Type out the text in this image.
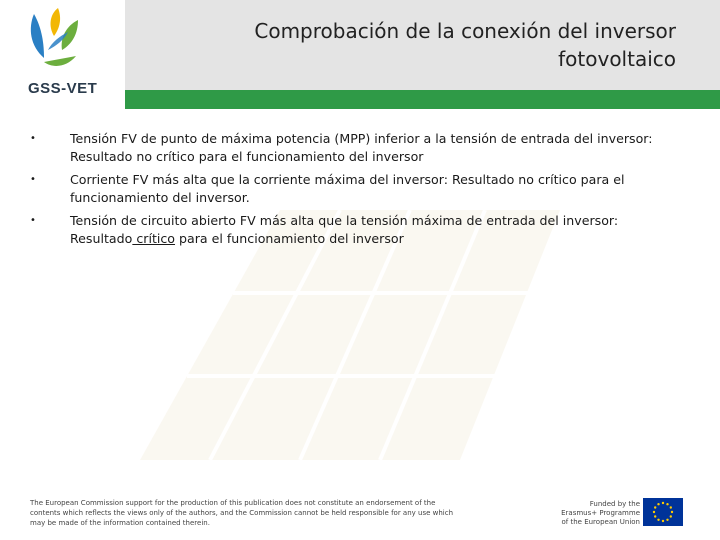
GSS-VET
Comprobación de la conexión del inversor fotovoltaico
•	Tensión FV de punto de máxima potencia (MPP) inferior a la tensión de entrada del inversor: Resultado no crítico para el funcionamiento del inversor
•	Corriente FV más alta que la corriente máxima del inversor: Resultado no crítico para el funcionamiento del inversor.
•	Tensión de circuito abierto FV más alta que la tensión máxima de entrada del inversor: Resultado crítico para el funcionamiento del inversor
The European Commission support for the production of this publication does not constitute an endorsement of the contents which reflects the views only of the authors, and the Commission cannot be held responsible for any use which may be made of the information contained therein.
Funded by the
Erasmus+ Programme
of the European Union
